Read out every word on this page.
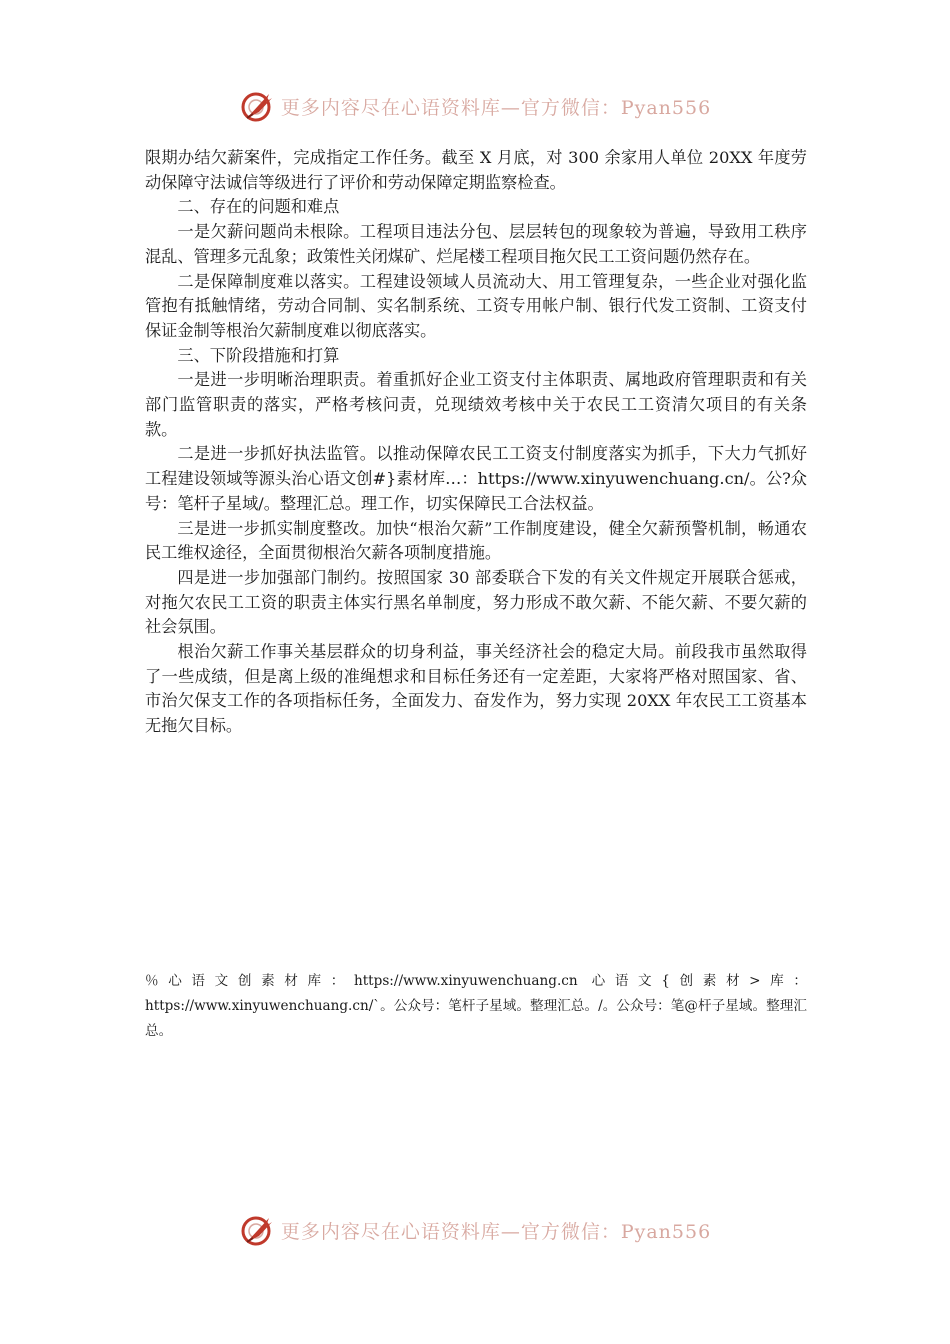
更多内容尽在心语资料库—官方微信：Pyan556

限期办结欠薪案件，完成指定工作任务。截至 X 月底，对 300 余家用人单位 20XX 年度劳动保障守法诚信等级进行了评价和劳动保障定期监察检查。

二、存在的问题和难点

一是欠薪问题尚未根除。工程项目违法分包、层层转包的现象较为普遍，导致用工秩序混乱、管理多元乱象；政策性关闭煤矿、烂尾楼工程项目拖欠民工工资问题仍然存在。

二是保障制度难以落实。工程建设领域人员流动大、用工管理复杂，一些企业对强化监管抱有抵触情绪，劳动合同制、实名制系统、工资专用帐户制、银行代发工资制、工资支付保证金制等根治欠薪制度难以彻底落实。

三、下阶段措施和打算

一是进一步明晰治理职责。着重抓好企业工资支付主体职责、属地政府管理职责和有关部门监管职责的落实，严格考核问责，兑现绩效考核中关于农民工工资清欠项目的有关条款。

二是进一步抓好执法监管。以推动保障农民工工资支付制度落实为抓手，下大力气抓好工程建设领域等源头治心语文创#}素材库…：https://www.xinyuwenchuang.cn/。公?众号：笔杆子星域/。整理汇总。理工作，切实保障民工合法权益。

三是进一步抓实制度整改。加快“根治欠薪”工作制度建设，健全欠薪预警机制，畅通农民工维权途径，全面贯彻根治欠薪各项制度措施。

四是进一步加强部门制约。按照国家 30 部委联合下发的有关文件规定开展联合惩戒，对拖欠农民工工资的职责主体实行黑名单制度，努力形成不敢欠薪、不能欠薪、不要欠薪的社会氛围。

根治欠薪工作事关基层群众的切身利益，事关经济社会的稳定大局。前段我市虽然取得了一些成绩，但是离上级的准绳想求和目标任务还有一定差距，大家将严格对照国家、省、市治欠保支工作的各项指标任务，全面发力、奋发作为，努力实现 20XX 年农民工工资基本无拖欠目标。

％心语文创素材库：https://www.xinyuwenchuang.cn 心语文{创素材>库：https://www.xinyuwenchuang.cn/`。公众号：笔杆子星域。整理汇总。/。公众号：笔@杆子星域。整理汇总。

更多内容尽在心语资料库—官方微信：Pyan556
